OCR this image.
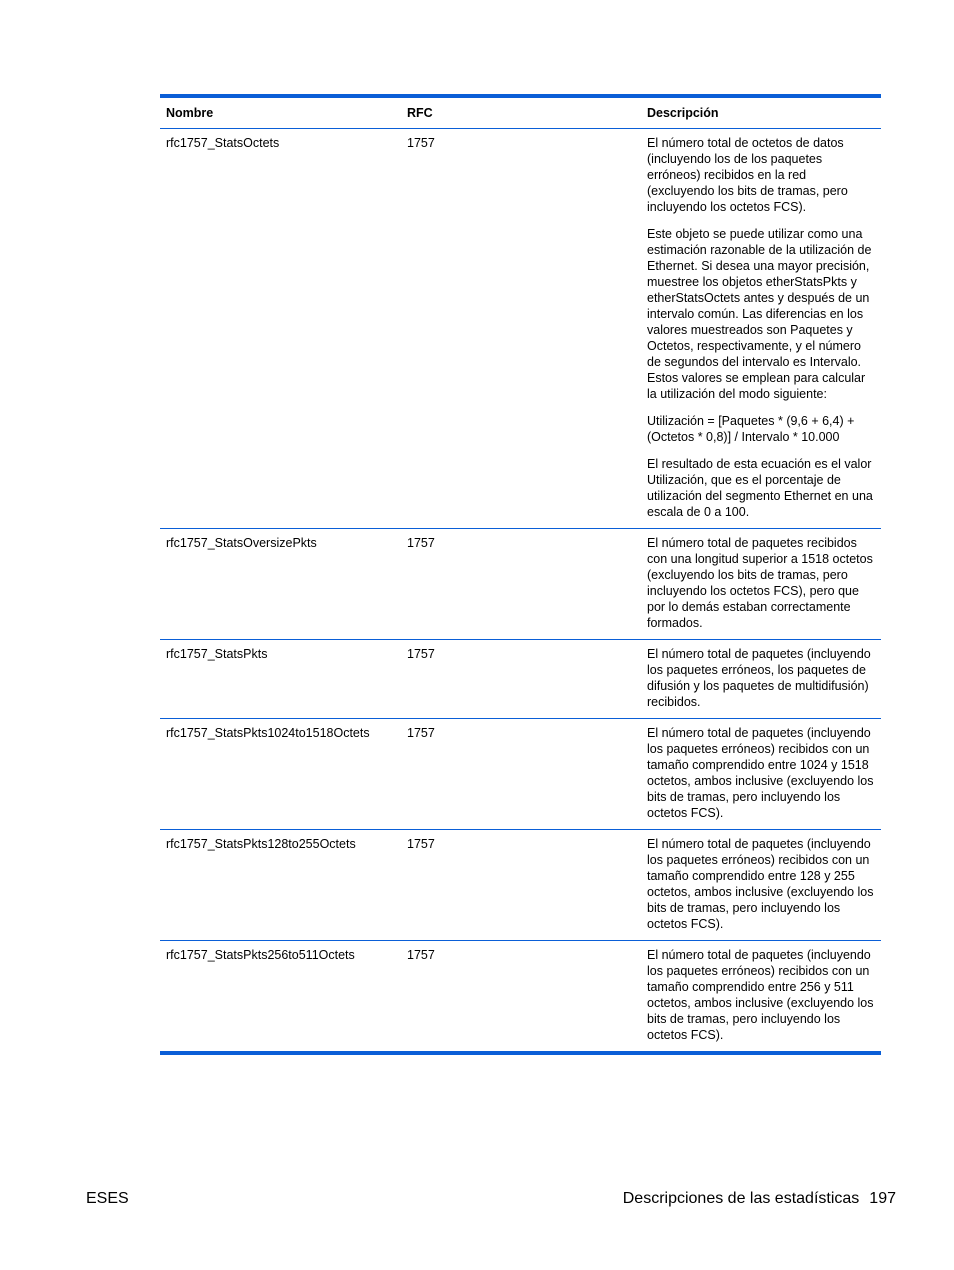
Nombre	RFC	Descripción
rfc1757_StatsOctets	1757	El número total de octetos de datos (incluyendo los de los paquetes erróneos) recibidos en la red (excluyendo los bits de tramas, pero incluyendo los octetos FCS).

Este objeto se puede utilizar como una estimación razonable de la utilización de Ethernet. Si desea una mayor precisión, muestree los objetos etherStatsPkts y etherStatsOctets antes y después de un intervalo común. Las diferencias en los valores muestreados son Paquetes y Octetos, respectivamente, y el número de segundos del intervalo es Intervalo. Estos valores se emplean para calcular la utilización del modo siguiente:

Utilización = [Paquetes * (9,6 + 6,4) + (Octetos * 0,8)] / Intervalo * 10.000

El resultado de esta ecuación es el valor Utilización, que es el porcentaje de utilización del segmento Ethernet en una escala de 0 a 100.

rfc1757_StatsOversizePkts	1757	El número total de paquetes recibidos con una longitud superior a 1518 octetos (excluyendo los bits de tramas, pero incluyendo los octetos FCS), pero que por lo demás estaban correctamente formados.

rfc1757_StatsPkts	1757	El número total de paquetes (incluyendo los paquetes erróneos, los paquetes de difusión y los paquetes de multidifusión) recibidos.

rfc1757_StatsPkts1024to1518Octets	1757	El número total de paquetes (incluyendo los paquetes erróneos) recibidos con un tamaño comprendido entre 1024 y 1518 octetos, ambos inclusive (excluyendo los bits de tramas, pero incluyendo los octetos FCS).

rfc1757_StatsPkts128to255Octets	1757	El número total de paquetes (incluyendo los paquetes erróneos) recibidos con un tamaño comprendido entre 128 y 255 octetos, ambos inclusive (excluyendo los bits de tramas, pero incluyendo los octetos FCS).

rfc1757_StatsPkts256to511Octets	1757	El número total de paquetes (incluyendo los paquetes erróneos) recibidos con un tamaño comprendido entre 256 y 511 octetos, ambos inclusive (excluyendo los bits de tramas, pero incluyendo los octetos FCS).

ESES	Descripciones de las estadísticas 197
